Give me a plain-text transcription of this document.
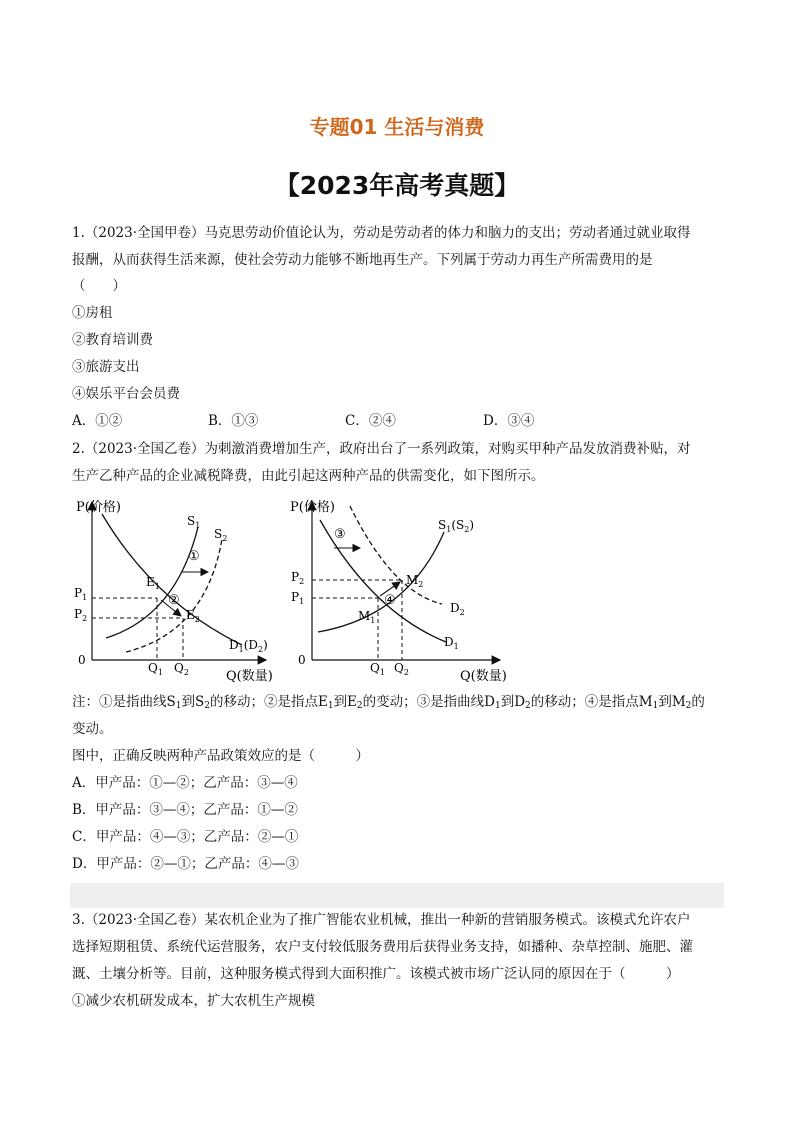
专题01 生活与消费
【2023年高考真题】
1.（2023·全国甲卷）马克思劳动价值论认为，劳动是劳动者的体力和脑力的支出；劳动者通过就业取得
报酬，从而获得生活来源，使社会劳动力能够不断地再生产。下列属于劳动力再生产所需费用的是
（　　）
①房租
②教育培训费
③旅游支出
④娱乐平台会员费
A．①②	B．①③	C．②④	D．③④
2.（2023·全国乙卷）为刺激消费增加生产，政府出台了一系列政策，对购买甲种产品发放消费补贴，对
生产乙种产品的企业减税降费，由此引起这两种产品的供需变化，如下图所示。
P(价格)
Q(数量)
0
$S_1$
$S_2$
$D_1(D_2)$
$E_1$
$E_2$
$P_1$
$P_2$
$Q_1$ $Q_2$
①
②
P(价格)
Q(数量)
0
$S_1(S_2)$
$D_2$
$D_1$
$M_2$
$M_1$
$P_2$
$P_1$
$Q_1$ $Q_2$
③
④
注：①是指曲线$S_1$到$S_2$的移动；②是指点$E_1$到$E_2$的变动；③是指曲线$D_1$到$D_2$的移动；④是指点$M_1$到$M_2$的
变动。
图中，正确反映两种产品政策效应的是（　　　）
A．甲产品：①—②；乙产品：③—④
B．甲产品：③—④；乙产品：①—②
C．甲产品：④—③；乙产品：②—①
D．甲产品：②—①；乙产品：④—③
3.（2023·全国乙卷）某农机企业为了推广智能农业机械，推出一种新的营销服务模式。该模式允许农户
选择短期租赁、系统代运营服务，农户支付较低服务费用后获得业务支持，如播种、杂草控制、施肥、灌
溉、土壤分析等。目前，这种服务模式得到大面积推广。该模式被市场广泛认同的原因在于（　　　）
①减少农机研发成本，扩大农机生产规模
